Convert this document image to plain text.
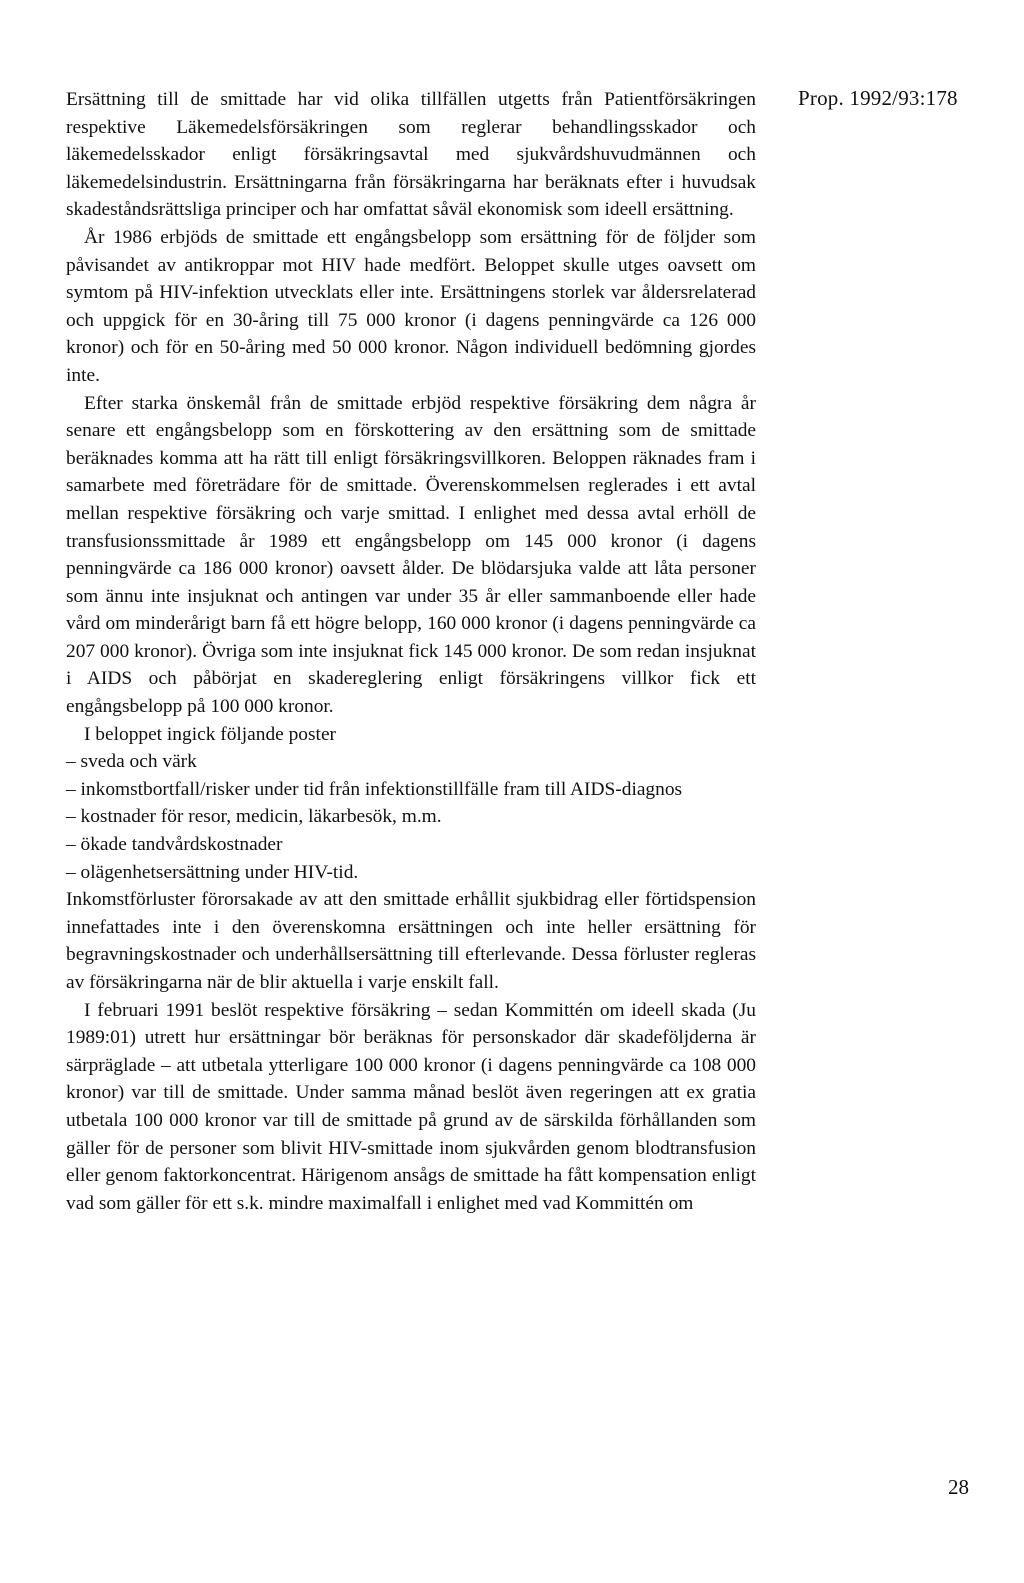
Prop. 1992/93:178

Ersättning till de smittade har vid olika tillfällen utgetts från Patientförsäkringen respektive Läkemedelsförsäkringen som reglerar behandlingsskador och läkemedelsskador enligt försäkringsavtal med sjukvårdshuvudmännen och läkemedelsindustrin. Ersättningarna från försäkringarna har beräknats efter i huvudsak skadeståndsrättsliga principer och har omfattat såväl ekonomisk som ideell ersättning.

År 1986 erbjöds de smittade ett engångsbelopp som ersättning för de följder som påvisandet av antikroppar mot HIV hade medfört. Beloppet skulle utges oavsett om symtom på HIV-infektion utvecklats eller inte. Ersättningens storlek var åldersrelaterad och uppgick för en 30-åring till 75 000 kronor (i dagens penningvärde ca 126 000 kronor) och för en 50-åring med 50 000 kronor. Någon individuell bedömning gjordes inte.

Efter starka önskemål från de smittade erbjöd respektive försäkring dem några år senare ett engångsbelopp som en förskottering av den ersättning som de smittade beräknades komma att ha rätt till enligt försäkringsvillkoren. Beloppen räknades fram i samarbete med företrädare för de smittade. Överenskommelsen reglerades i ett avtal mellan respektive försäkring och varje smittad. I enlighet med dessa avtal erhöll de transfusionssmittade år 1989 ett engångsbelopp om 145 000 kronor (i dagens penningvärde ca 186 000 kronor) oavsett ålder. De blödarsjuka valde att låta personer som ännu inte insjuknat och antingen var under 35 år eller sammanboende eller hade vård om minderårigt barn få ett högre belopp, 160 000 kronor (i dagens penningvärde ca 207 000 kronor). Övriga som inte insjuknat fick 145 000 kronor. De som redan insjuknat i AIDS och påbörjat en skadereglering enligt försäkringens villkor fick ett engångsbelopp på 100 000 kronor.

I beloppet ingick följande poster

– sveda och värk
– inkomstbortfall/risker under tid från infektionstillfälle fram till AIDS-diagnos
– kostnader för resor, medicin, läkarbesök, m.m.
– ökade tandvårdskostnader
– olägenhetsersättning under HIV-tid.

Inkomstförluster förorsakade av att den smittade erhållit sjukbidrag eller förtidspension innefattades inte i den överenskomna ersättningen och inte heller ersättning för begravningskostnader och underhållsersättning till efterlevande. Dessa förluster regleras av försäkringarna när de blir aktuella i varje enskilt fall.

I februari 1991 beslöt respektive försäkring – sedan Kommittén om ideell skada (Ju 1989:01) utrett hur ersättningar bör beräknas för personskador där skadeföljderna är särpräglade – att utbetala ytterligare 100 000 kronor (i dagens penningvärde ca 108 000 kronor) var till de smittade. Under samma månad beslöt även regeringen att ex gratia utbetala 100 000 kronor var till de smittade på grund av de särskilda förhållanden som gäller för de personer som blivit HIV-smittade inom sjukvården genom blodtransfusion eller genom faktorkoncentrat. Härigenom ansågs de smittade ha fått kompensation enligt vad som gäller för ett s.k. mindre maximalfall i enlighet med vad Kommittén om

28
